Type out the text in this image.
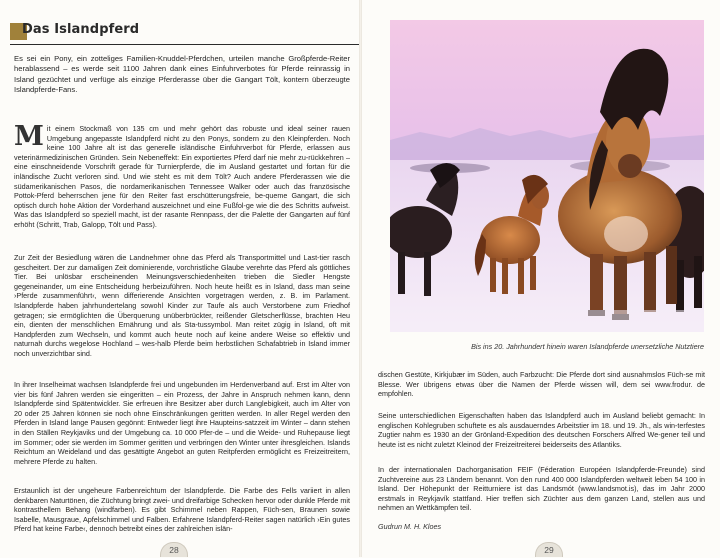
Das Islandpferd

Es sei ein Pony, ein zotteliges Familien-Knuddel-Pferdchen, urteilen manche Großpferde-Reiter herablassend – es werde seit 1100 Jahren dank eines Einfuhrverbotes für Pferde reinrassig in Island gezüchtet und verfüge als einzige Pferderasse über die Gangart Tölt, kontern überzeugte Islandpferde-Fans.

Mit einem Stockmaß von 135 cm und mehr gehört das robuste und ideal seiner rauen Umgebung angepasste Islandpferd nicht zu den Ponys, sondern zu den Kleinpferden. Noch keine 100 Jahre alt ist das generelle isländische Einfuhrverbot für Pferde, erlassen aus veterinärmedizinischen Gründen. Sein Nebeneffekt: Ein exportiertes Pferd darf nie mehr zu-rückkehren – eine einschneidende Vorschrift gerade für Turnierpferde, die im Ausland gestartet und fortan für die inländische Zucht verloren sind. Und wie steht es mit dem Tölt? Auch andere Pferderassen wie die südamerikanischen Pasos, die nordamerikanischen Tennessee Walker oder auch das französische Pottok-Pferd beherrschen jene für den Reiter fast erschütterungsfreie, be-queme Gangart, die sich optisch durch hohe Aktion der Vorderhand auszeichnet und eine Fußfol-ge wie die des Schritts aufweist. Was das Islandpferd so speziell macht, ist der rasante Rennpass, der die Palette der Gangarten auf fünf erhöht (Schritt, Trab, Galopp, Tölt und Pass).

Zur Zeit der Besiedlung wären die Landnehmer ohne das Pferd als Transportmittel und Last-tier rasch gescheitert. Der zur damaligen Zeit dominierende, vorchristliche Glaube verehrte das Pferd als göttliches Tier. Bei unlösbar erscheinenden Meinungsverschiedenheiten trieben die Siedler Hengste gegeneinander, um eine Entscheidung herbeizuführen. Noch heute heißt es in Island, dass man seine ›Pferde zusammenführt‹, wenn differierende Ansichten vorgetragen werden, z. B. im Parlament. Islandpferde haben jahrhundertelang sowohl Kinder zur Taufe als auch Verstorbene zum Friedhof getragen; sie ermöglichten die Überquerung unüberbrückter, reißender Gletscherflüsse, brachten Heu ein, dienten der menschlichen Ernährung und als Sta-tussymbol. Man reitet zügig in Island, oft mit Handpferden zum Wechseln, und kommt auch heute noch auf keine andere Weise so effektiv und naturnah durchs wegelose Hochland – wes-halb Pferde beim herbstlichen Schafabtrieb in Island immer noch unverzichtbar sind.

In ihrer Inselheimat wachsen Islandpferde frei und ungebunden im Herdenverband auf. Erst im Alter von vier bis fünf Jahren werden sie eingeritten – ein Prozess, der Jahre in Anspruch nehmen kann, denn Islandpferde sind Spätentwickler. Sie erfreuen ihre Besitzer aber durch Langlebigkeit, auch im Alter von 20 oder 25 Jahren können sie noch ohne Einschränkungen geritten werden. In aller Regel werden den Pferden in Island lange Pausen gegönnt: Entweder liegt ihre Haupteins-satzzeit im Winter – dann stehen in den Ställen Reykjaviks und der Umgebung ca. 10 000 Pfer-de – und die Weide- und Ruhepause liegt im Sommer; oder sie werden im Sommer geritten und verbringen den Winter unter ihresgleichen. Islands Reichtum an Weideland und das gesättigte Angebot an guten Reitpferden ermöglicht es Freizeitreitern, mehrere Pferde zu halten.

Erstaunlich ist der ungeheure Farbenreichtum der Islandpferde. Die Farbe des Fells variiert in allen denkbaren Naturtönen, die Züchtung bringt zwei- und dreifarbige Schecken hervor oder dunkle Pferde mit kontrasthellem Behang (windfarben). Es gibt Schimmel neben Rappen, Füch-sen, Braunen sowie Isabelle, Mausgraue, Apfelschimmel und Falben. Erfahrene Islandpferd-Reiter sagen natürlich ›Ein gutes Pferd hat keine Farbe‹, dennoch betreibt eines der zahlreichen islän-

28
Bis ins 20. Jahrhundert hinein waren Islandpferde unersetzliche Nutztiere

dischen Gestüte, Kirkjubær im Süden, auch Farbzucht: Die Pferde dort sind ausnahmslos Füch-se mit Blesse. Wer übrigens etwas über die Namen der Pferde wissen will, dem sei www.frodur. de empfohlen.

Seine unterschiedlichen Eigenschaften haben das Islandpferd auch im Ausland beliebt gemacht: In englischen Kohlegruben schuftete es als ausdauerndes Arbeitstier im 18. und 19. Jh., als win-terfestes Zugtier nahm es 1930 an der Grönland-Expedition des deutschen Forschers Alfred We-gener teil und heute ist es nicht zuletzt Kleinod der Freizeitreiterei beiderseits des Atlantiks.

In der internationalen Dachorganisation FEIF (Féderation Européen Islandpferde-Freunde) sind Zuchtvereine aus 23 Ländern benannt. Von den rund 400 000 Islandpferden weltweit leben 54 100 in Island. Der Höhepunkt der Reitturniere ist das Landsmót (www.landsmot.is), das im Jahr 2000 erstmals in Reykjavík stattfand. Hier treffen sich Züchter aus dem ganzen Land, stellen aus und nehmen an Wettkämpfen teil.

Gudrun M. H. Kloes
29
